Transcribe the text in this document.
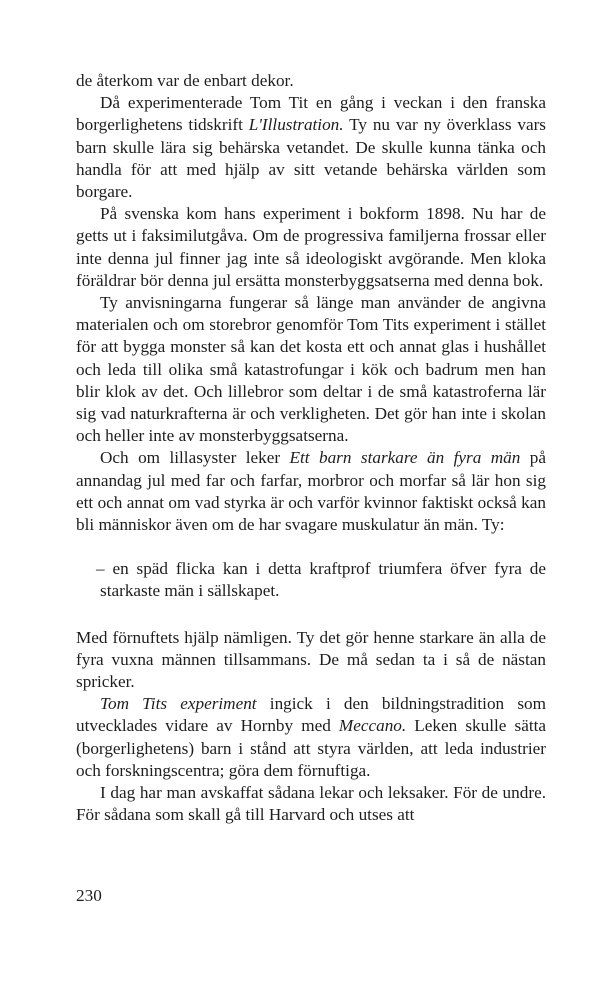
de återkom var de enbart dekor.

Då experimenterade Tom Tit en gång i veckan i den franska borgerlighetens tidskrift L'Illustration. Ty nu var ny överklass vars barn skulle lära sig behärska vetandet. De skulle kunna tänka och handla för att med hjälp av sitt vetande behärska världen som borgare.

På svenska kom hans experiment i bokform 1898. Nu har de getts ut i faksimilutgåva. Om de progressiva familjerna frossar eller inte denna jul finner jag inte så ideologiskt avgörande. Men kloka föräldrar bör denna jul ersätta monsterbyggsatserna med denna bok.

Ty anvisningarna fungerar så länge man använder de angivna materialen och om storebror genomför Tom Tits experiment i stället för att bygga monster så kan det kosta ett och annat glas i hushållet och leda till olika små katastrofungar i kök och badrum men han blir klok av det. Och lillebror som deltar i de små katastroferna lär sig vad naturkrafterna är och verkligheten. Det gör han inte i skolan och heller inte av monsterbyggsatserna.

Och om lillasyster leker Ett barn starkare än fyra män på annandag jul med far och farfar, morbror och morfar så lär hon sig ett och annat om vad styrka är och varför kvinnor faktiskt också kan bli människor även om de har svagare muskulatur än män. Ty:

– en späd flicka kan i detta kraftprof triumfera öfver fyra de starkaste män i sällskapet.

Med förnuftets hjälp nämligen. Ty det gör henne starkare än alla de fyra vuxna männen tillsammans. De må sedan ta i så de nästan spricker.

Tom Tits experiment ingick i den bildningstradition som utvecklades vidare av Hornby med Meccano. Leken skulle sätta (borgerlighetens) barn i stånd att styra världen, att leda industrier och forskningscentra; göra dem förnuftiga.

I dag har man avskaffat sådana lekar och leksaker. För de undre. För sådana som skall gå till Harvard och utses att

230
